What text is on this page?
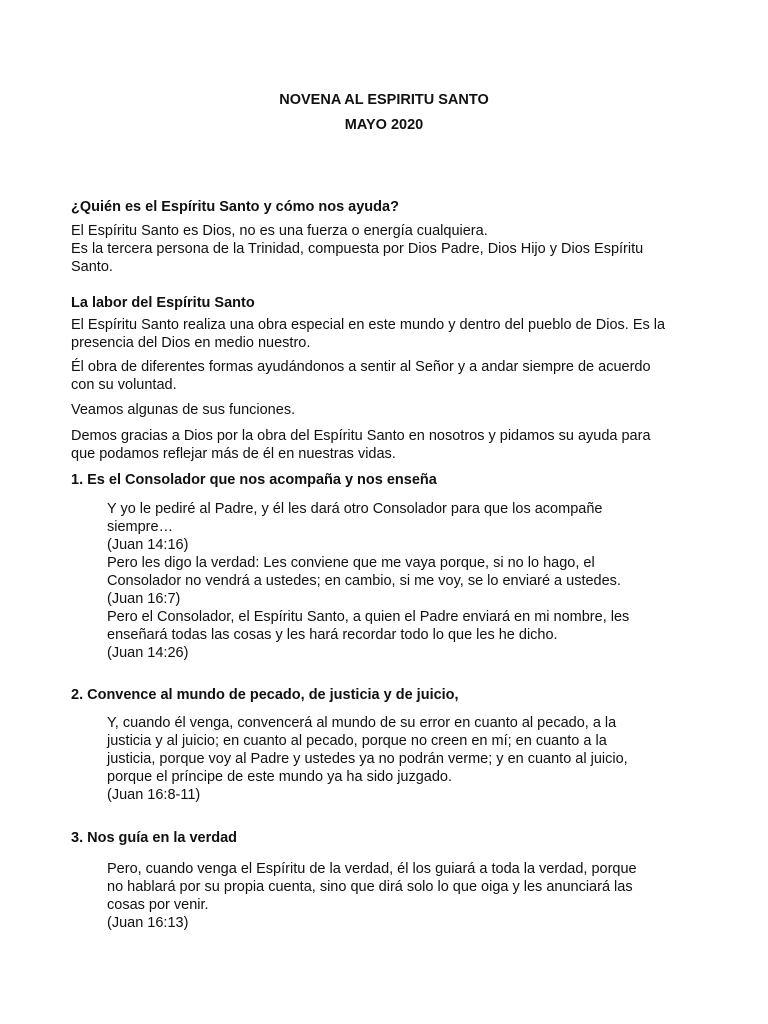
NOVENA AL ESPIRITU SANTO
MAYO 2020
¿Quién es el Espíritu Santo y cómo nos ayuda?
El Espíritu Santo es Dios, no es una fuerza o energía cualquiera.
Es la tercera persona de la Trinidad, compuesta por Dios Padre, Dios Hijo y Dios Espíritu
Santo.
La labor del Espíritu Santo
El Espíritu Santo realiza una obra especial en este mundo y dentro del pueblo de Dios. Es la
presencia del Dios en medio nuestro.
Él obra de diferentes formas ayudándonos a sentir al Señor y a andar siempre de acuerdo
con su voluntad.
Veamos algunas de sus funciones.
Demos gracias a Dios por la obra del Espíritu Santo en nosotros y pidamos su ayuda para
que podamos reflejar más de él en nuestras vidas.
1. Es el Consolador que nos acompaña y nos enseña
Y yo le pediré al Padre, y él les dará otro Consolador para que los acompañe
siempre…
(Juan 14:16)
Pero les digo la verdad: Les conviene que me vaya porque, si no lo hago, el
Consolador no vendrá a ustedes; en cambio, si me voy, se lo enviaré a ustedes.
(Juan 16:7)
Pero el Consolador, el Espíritu Santo, a quien el Padre enviará en mi nombre, les
enseñará todas las cosas y les hará recordar todo lo que les he dicho.
(Juan 14:26)
2. Convence al mundo de pecado, de justicia y de juicio,
Y, cuando él venga, convencerá al mundo de su error en cuanto al pecado, a la
justicia y al juicio; en cuanto al pecado, porque no creen en mí; en cuanto a la
justicia, porque voy al Padre y ustedes ya no podrán verme; y en cuanto al juicio,
porque el príncipe de este mundo ya ha sido juzgado.
(Juan 16:8-11)
3. Nos guía en la verdad
Pero, cuando venga el Espíritu de la verdad, él los guiará a toda la verdad, porque
no hablará por su propia cuenta, sino que dirá solo lo que oiga y les anunciará las
cosas por venir.
(Juan 16:13)
